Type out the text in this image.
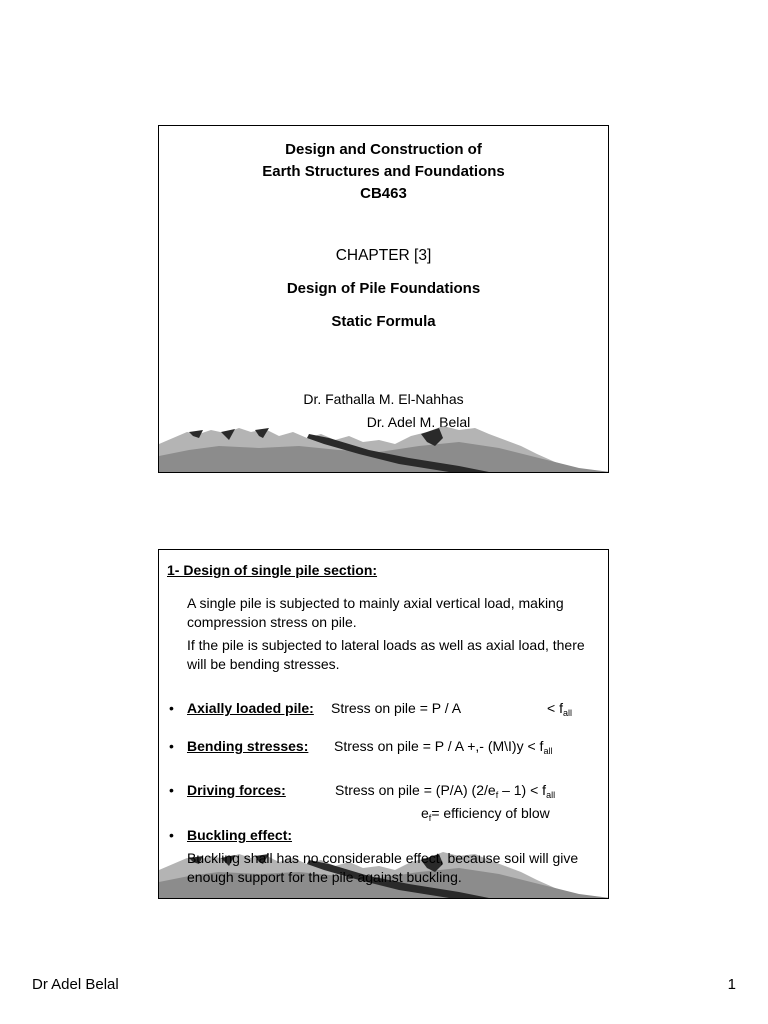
Design and Construction of
Earth Structures and Foundations
CB463
CHAPTER [3]
Design of Pile Foundations
Static Formula
Dr. Fathalla M. El-Nahhas
Dr. Adel M. Belal
1- Design of single pile section:
A single pile is subjected to mainly axial vertical load, making compression stress on pile.
If the pile is subjected to lateral loads as well as axial load, there will be bending stresses.
• Axially loaded pile: Stress on pile = P / A	< $f_{all}$
• Bending stresses: Stress on pile = P / A +,- (M\I)y < $f_{all}$
• Driving forces:	Stress on pile = (P/A) $(2/e_f - 1) < f_{all}$
$e_f=$ efficiency of blow
• Buckling effect:
Buckling shall has no considerable effect, because soil will give enough support for the pile against buckling.
Dr Adel Belal	1
